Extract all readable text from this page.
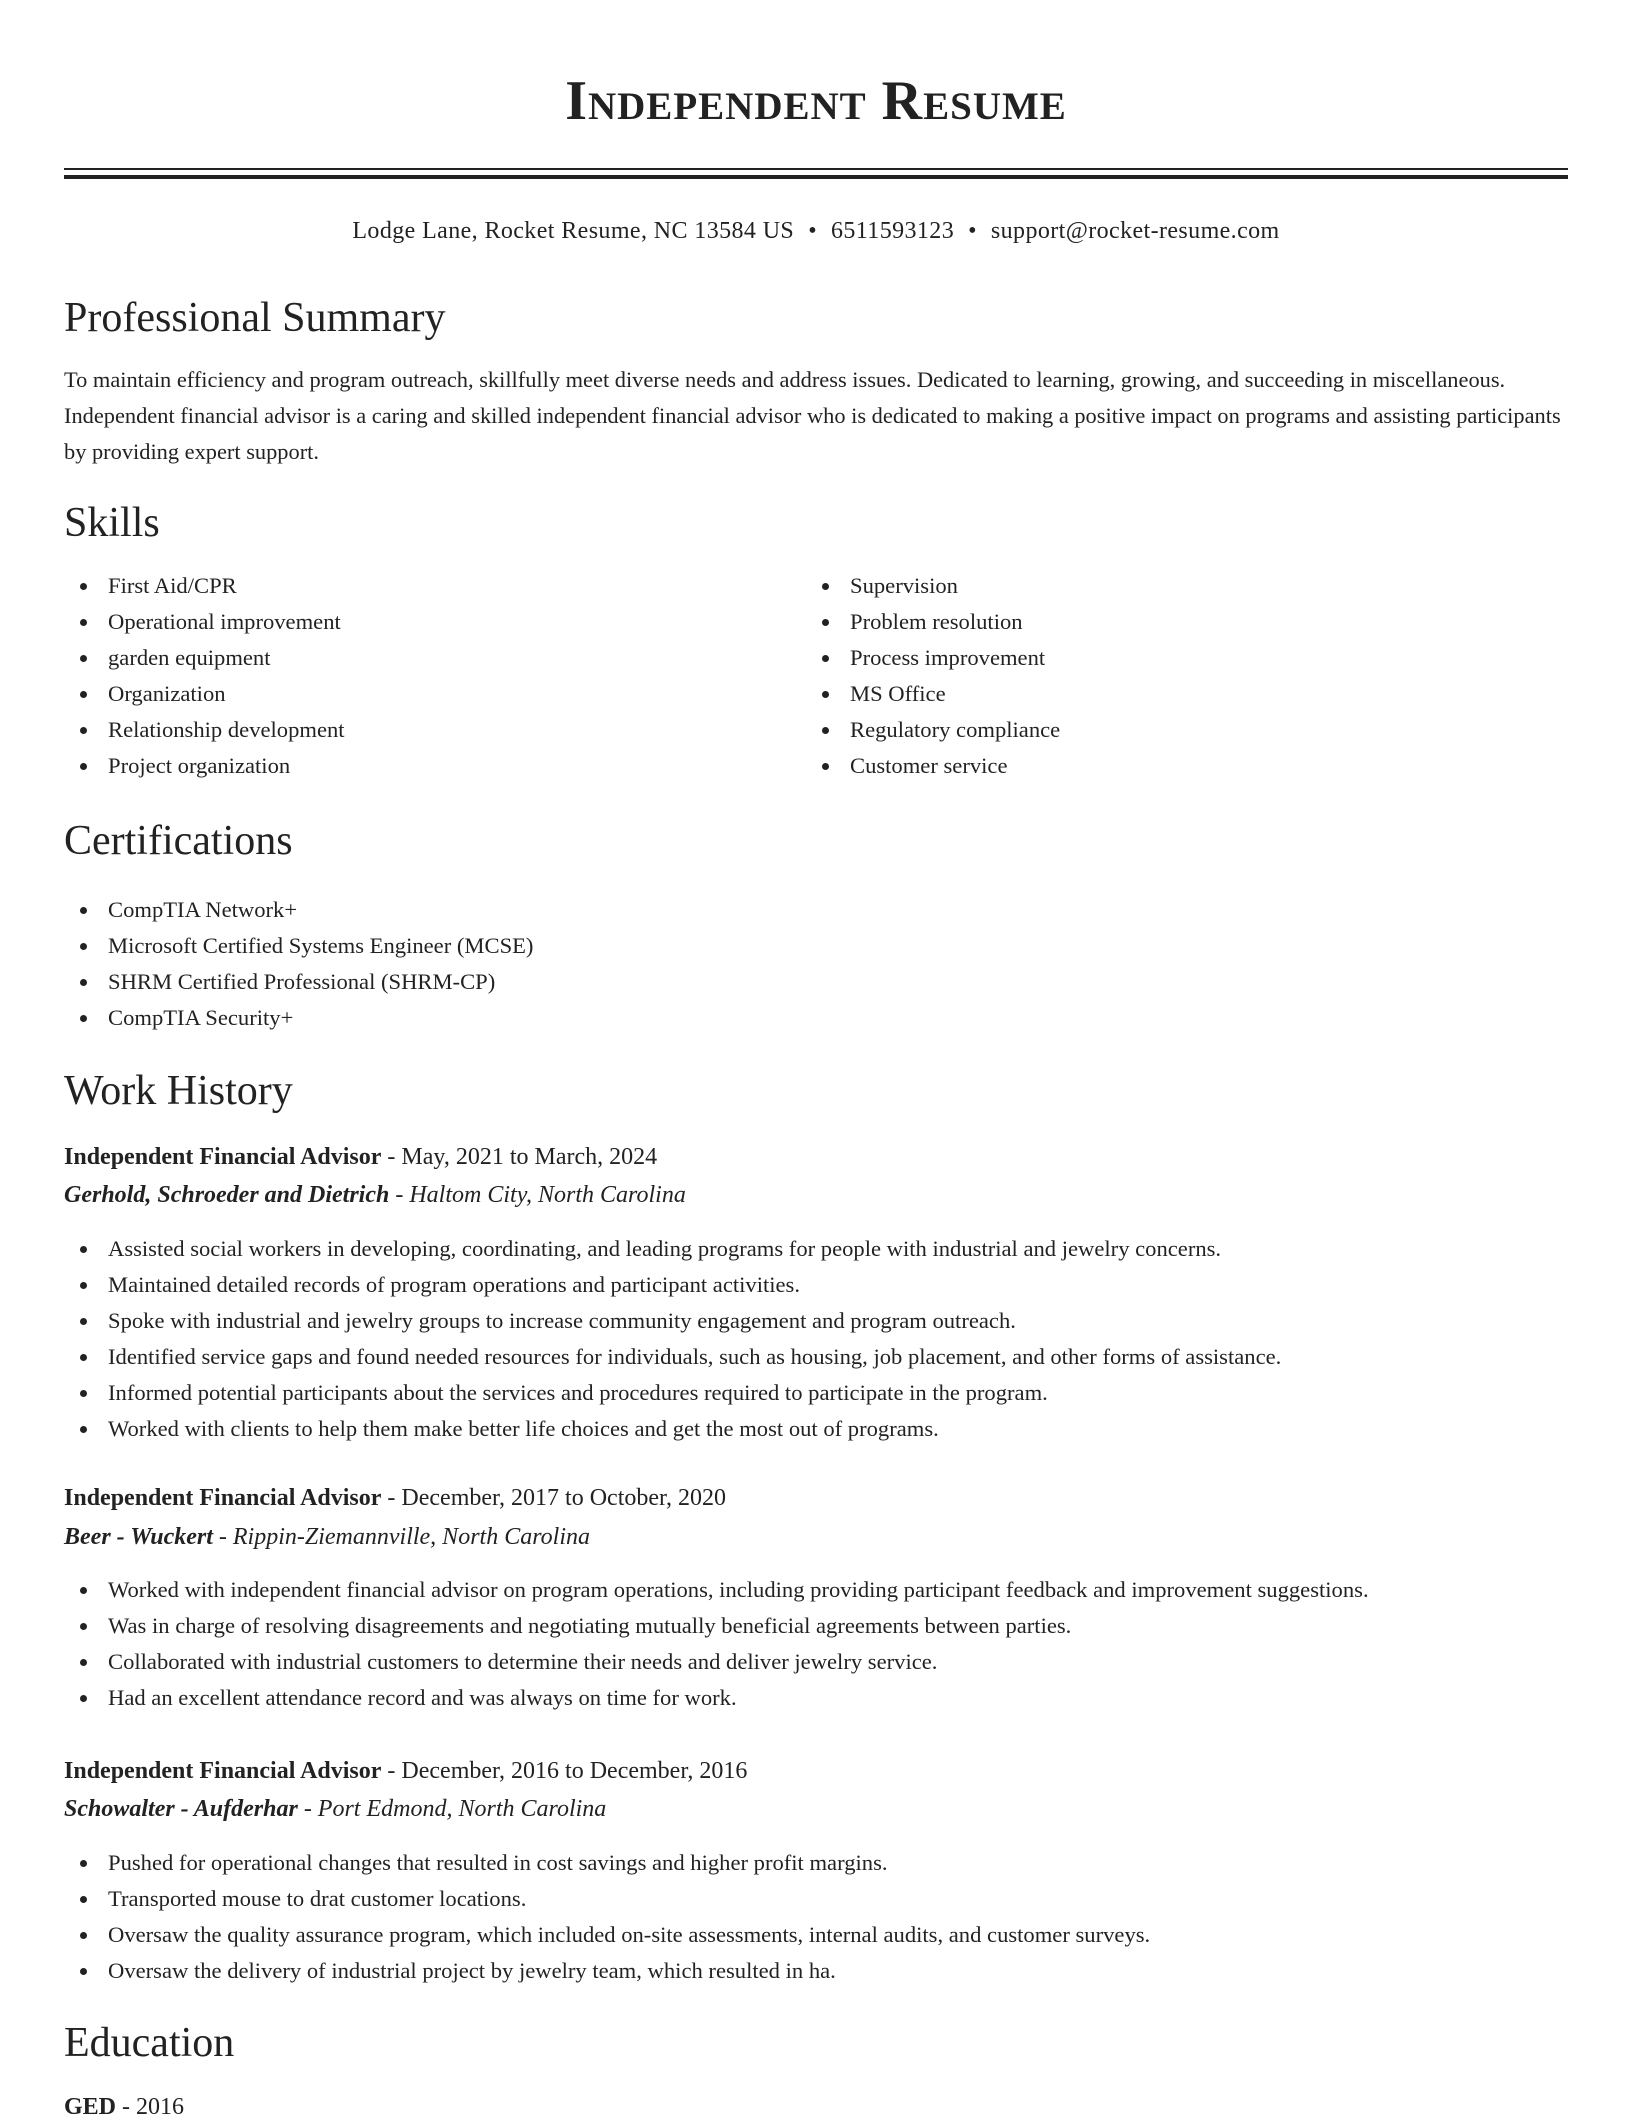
Independent Resume
Lodge Lane, Rocket Resume, NC 13584 US • 6511593123 • support@rocket-resume.com
Professional Summary

To maintain efficiency and program outreach, skillfully meet diverse needs and address issues. Dedicated to learning, growing, and succeeding in miscellaneous. Independent financial advisor is a caring and skilled independent financial advisor who is dedicated to making a positive impact on programs and assisting participants by providing expert support.

Skills
First Aid/CPR
Operational improvement
garden equipment
Organization
Relationship development
Project organization
Supervision
Problem resolution
Process improvement
MS Office
Regulatory compliance
Customer service
Certifications
CompTIA Network+
Microsoft Certified Systems Engineer (MCSE)
SHRM Certified Professional (SHRM-CP)
CompTIA Security+
Work History
Independent Financial Advisor - May, 2021 to March, 2024
Gerhold, Schroeder and Dietrich - Haltom City, North Carolina
Assisted social workers in developing, coordinating, and leading programs for people with industrial and jewelry concerns.
Maintained detailed records of program operations and participant activities.
Spoke with industrial and jewelry groups to increase community engagement and program outreach.
Identified service gaps and found needed resources for individuals, such as housing, job placement, and other forms of assistance.
Informed potential participants about the services and procedures required to participate in the program.
Worked with clients to help them make better life choices and get the most out of programs.
Independent Financial Advisor - December, 2017 to October, 2020
Beer - Wuckert - Rippin-Ziemannville, North Carolina
Worked with independent financial advisor on program operations, including providing participant feedback and improvement suggestions.
Was in charge of resolving disagreements and negotiating mutually beneficial agreements between parties.
Collaborated with industrial customers to determine their needs and deliver jewelry service.
Had an excellent attendance record and was always on time for work.
Independent Financial Advisor - December, 2016 to December, 2016
Schowalter - Aufderhar - Port Edmond, North Carolina
Pushed for operational changes that resulted in cost savings and higher profit margins.
Transported mouse to drat customer locations.
Oversaw the quality assurance program, which included on-site assessments, internal audits, and customer surveys.
Oversaw the delivery of industrial project by jewelry team, which resulted in ha.
Education
GED - 2016
